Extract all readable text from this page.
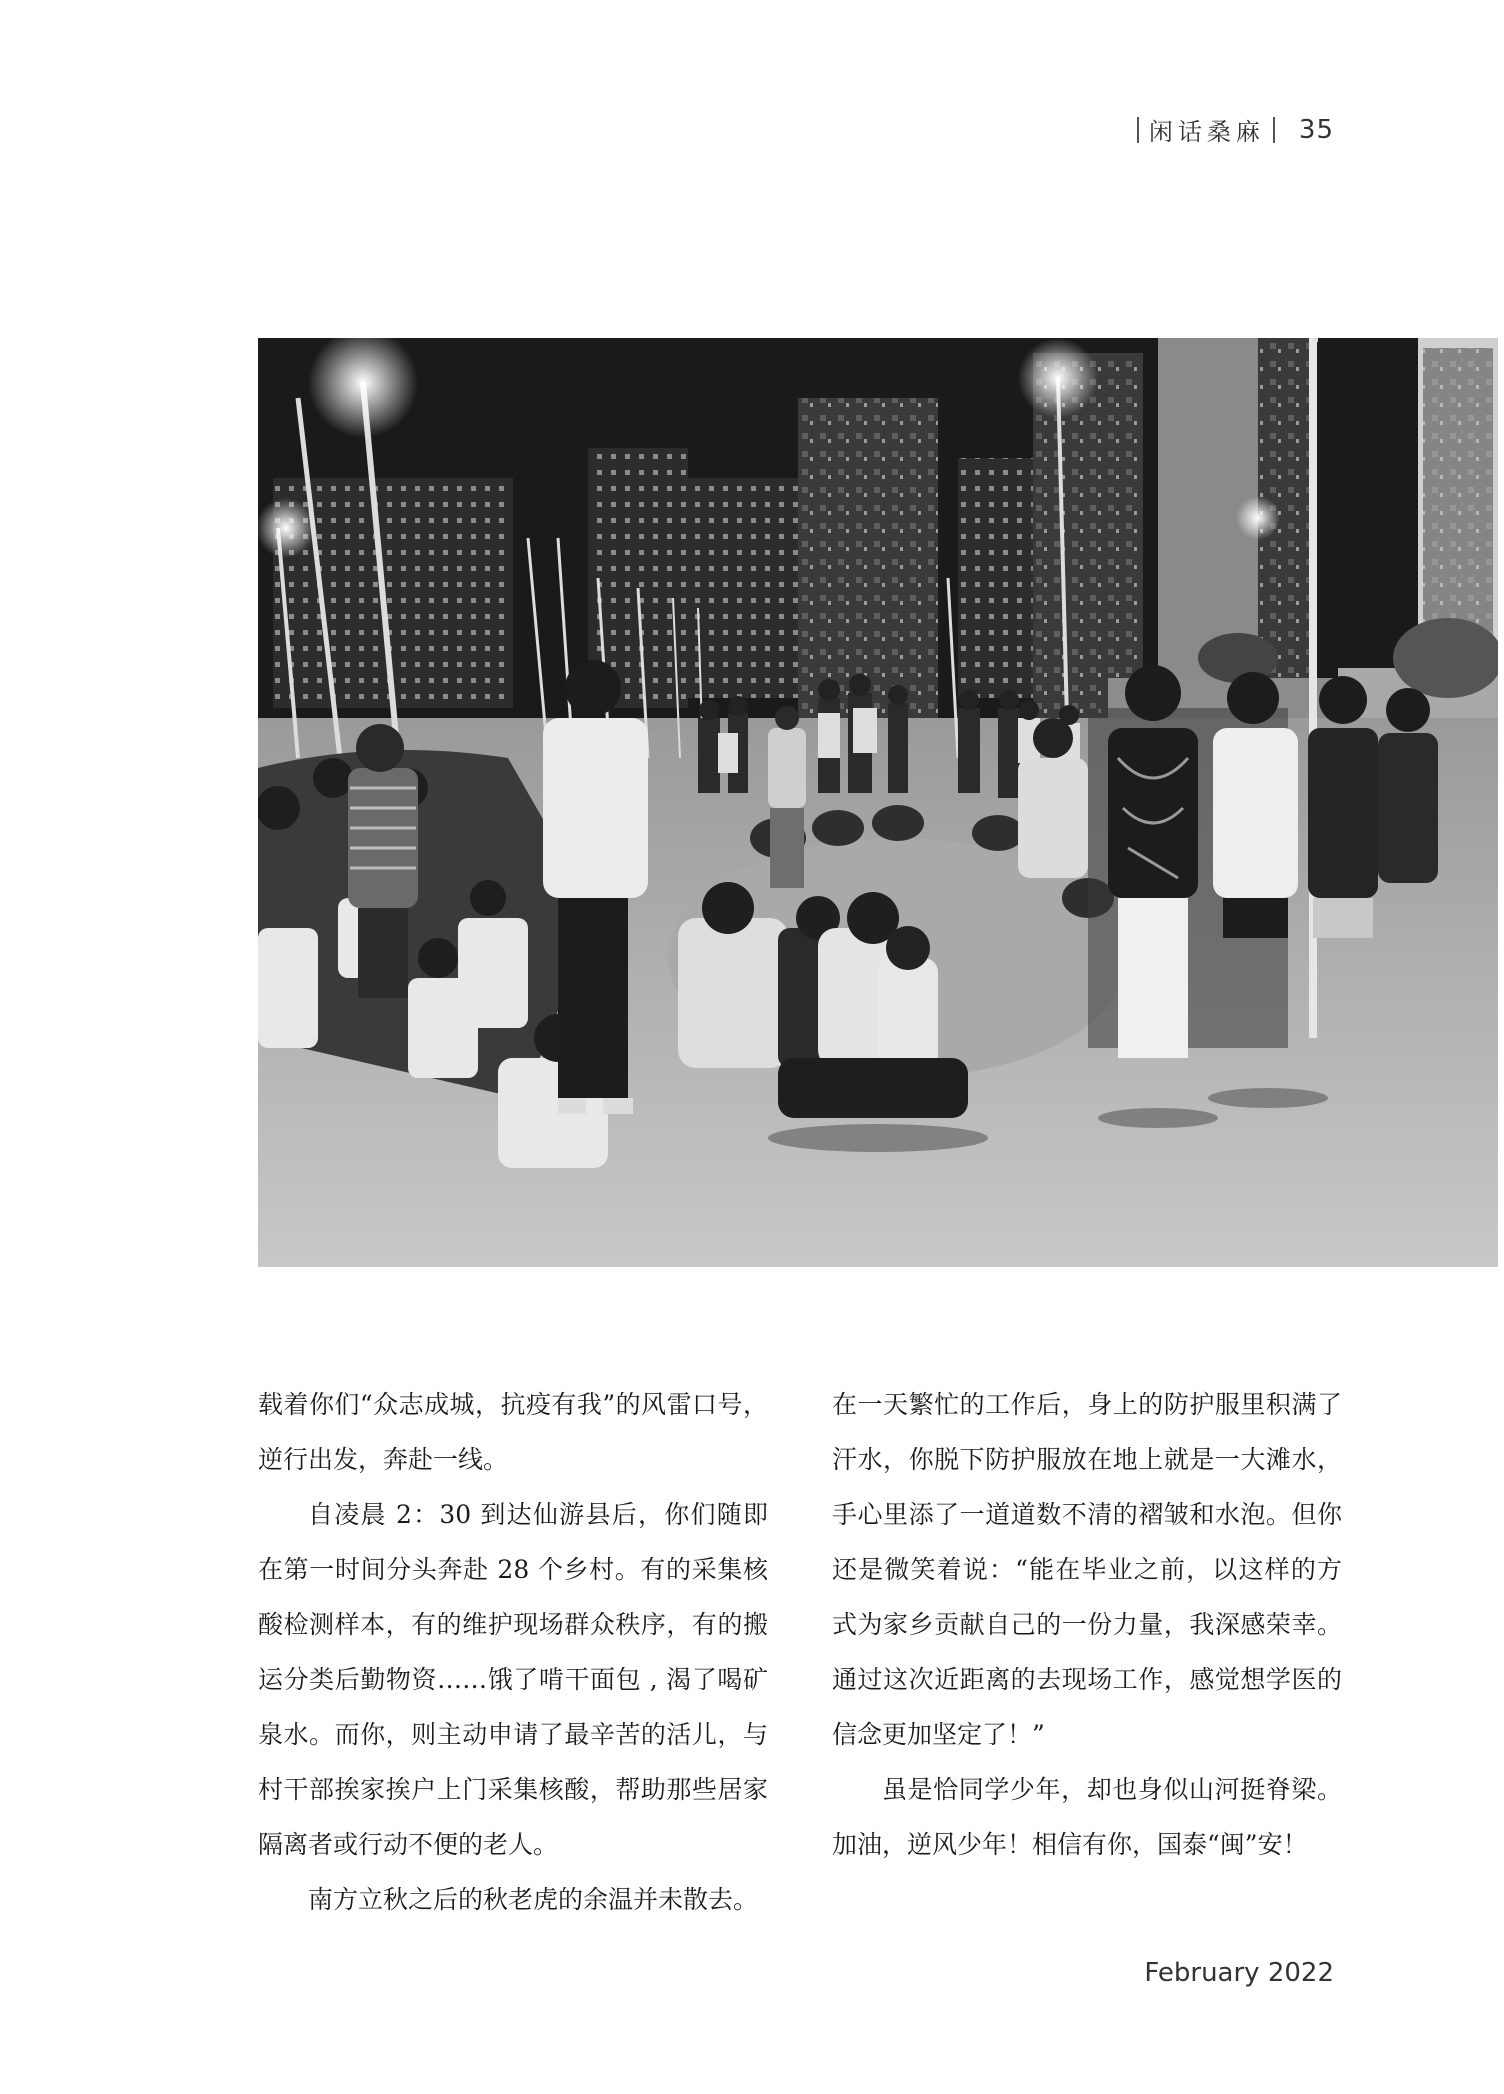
闲话桑麻	35

载着你们“众志成城，抗疫有我”的风雷口号，逆行出发，奔赴一线。

自凌晨 2：30 到达仙游县后，你们随即在第一时间分头奔赴 28 个乡村。有的采集核酸检测样本，有的维护现场群众秩序，有的搬运分类后勤物资……饿了啃干面包 , 渴了喝矿泉水。而你，则主动申请了最辛苦的活儿，与村干部挨家挨户上门采集核酸，帮助那些居家隔离者或行动不便的老人。

南方立秋之后的秋老虎的余温并未散去。

在一天繁忙的工作后，身上的防护服里积满了汗水，你脱下防护服放在地上就是一大滩水，手心里添了一道道数不清的褶皱和水泡。但你还是微笑着说：“能在毕业之前，以这样的方式为家乡贡献自己的一份力量，我深感荣幸。通过这次近距离的去现场工作，感觉想学医的信念更加坚定了！”

虽是恰同学少年，却也身似山河挺脊梁。加油，逆风少年！相信有你，国泰“闽”安！

February 2022
